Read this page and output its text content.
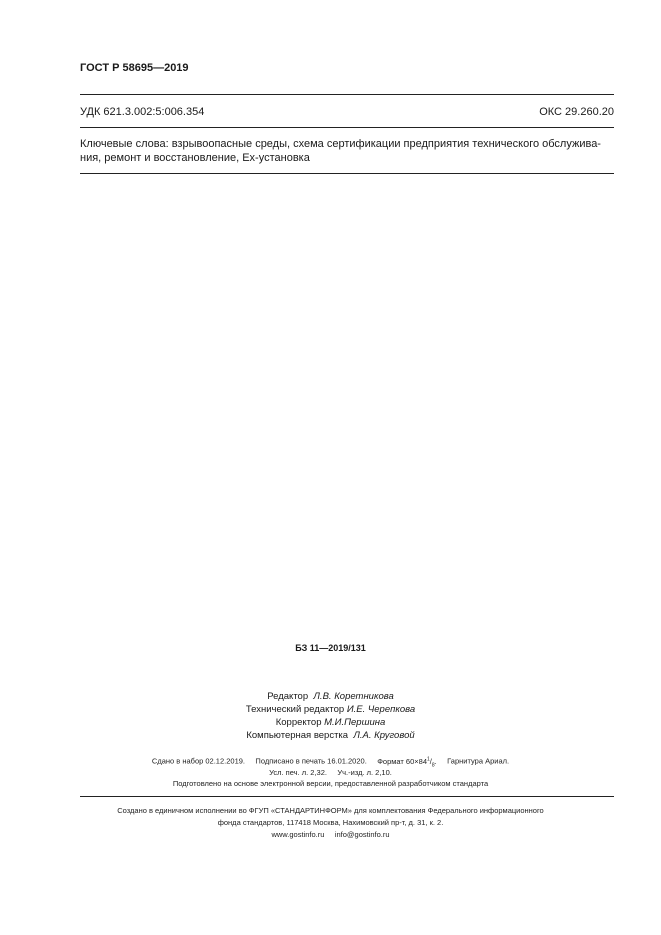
ГОСТ Р 58695—2019
УДК 621.3.002:5:006.354	ОКС 29.260.20
Ключевые слова: взрывоопасные среды, схема сертификации предприятия технического обслужива-
ния, ремонт и восстановление, Ex-установка
БЗ 11—2019/131
Редактор Л.В. Коретникова
Технический редактор И.Е. Черепкова
Корректор М.И.Першина
Компьютерная верстка Л.А. Круговой
Сдано в набор 02.12.2019. Подписано в печать 16.01.2020. Формат $60\times 84^1/_8$. Гарнитура Ариал.
Усл. печ. л. 2,32. Уч.-изд. л. 2,10.
Подготовлено на основе электронной версии, предоставленной разработчиком стандарта
Создано в единичном исполнении во ФГУП «СТАНДАРТИНФОРМ» для комплектования Федерального информационного
фонда стандартов, 117418 Москва, Нахимовский пр-т, д. 31, к. 2.
www.gostinfo.ru info@gostinfo.ru
